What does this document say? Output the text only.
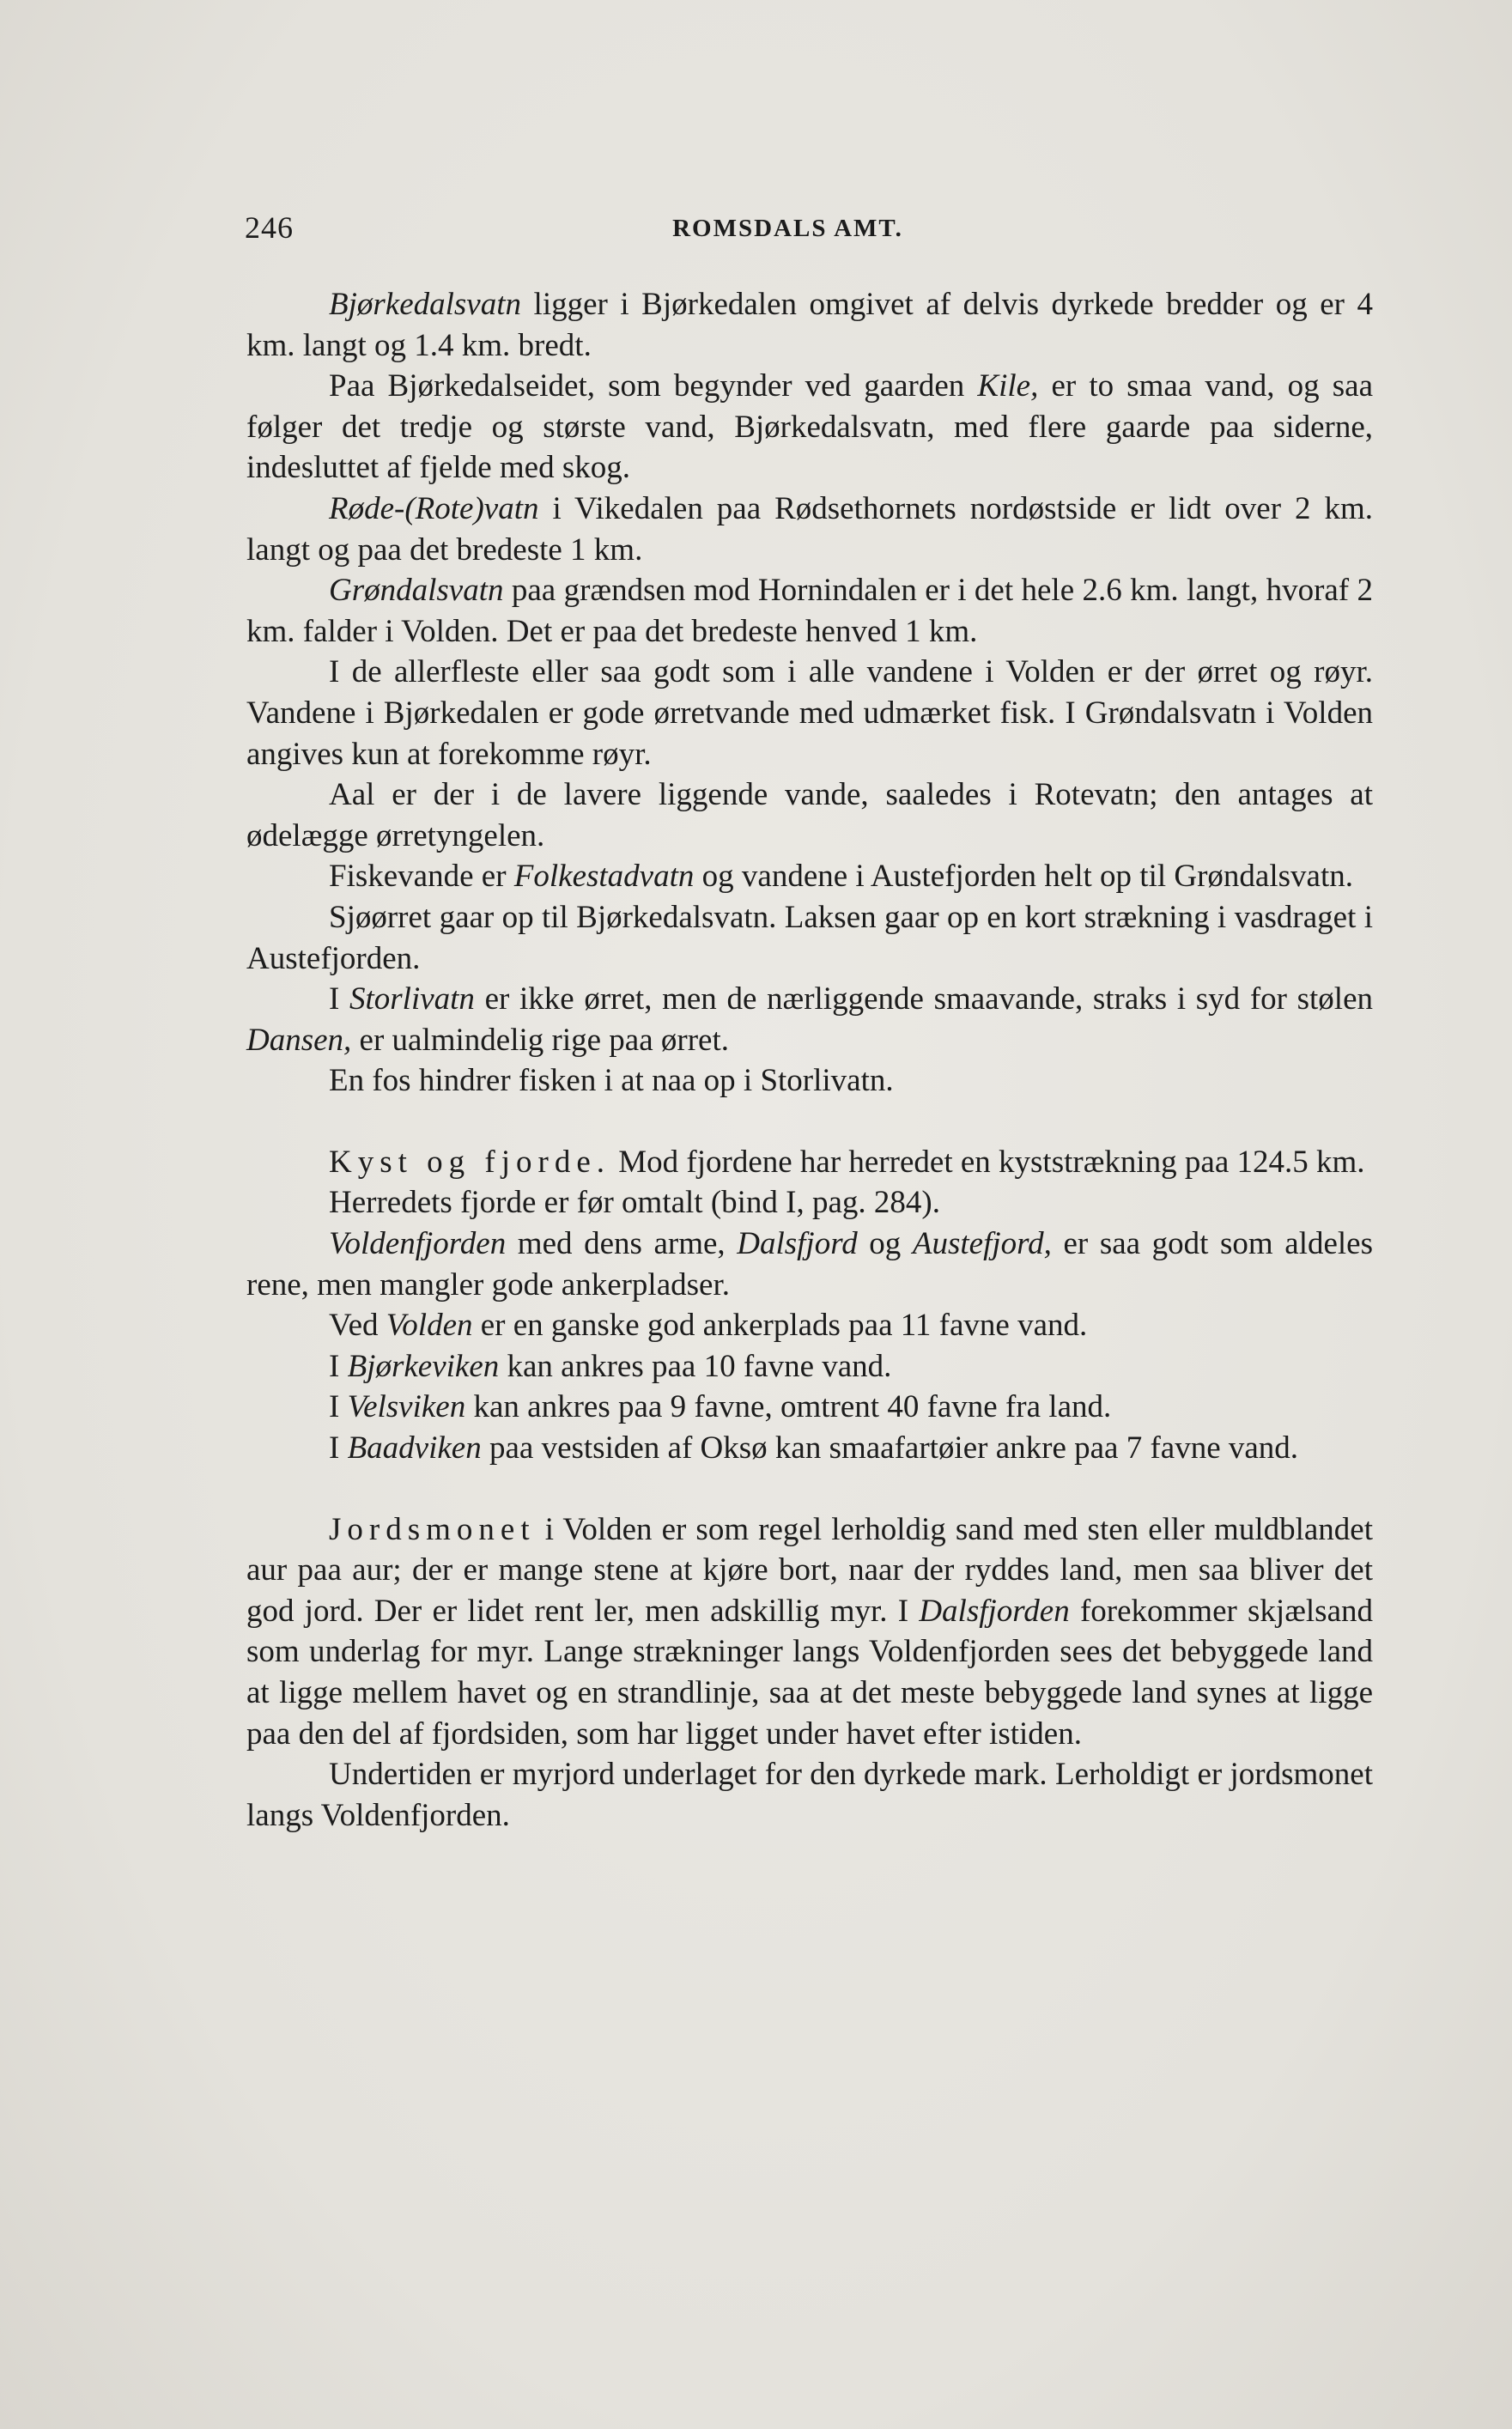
246	ROMSDALS AMT.

Bjørkedalsvatn ligger i Bjørkedalen omgivet af delvis dyrkede bredder og er 4 km. langt og 1.4 km. bredt.

Paa Bjørkedalseidet, som begynder ved gaarden Kile, er to smaa vand, og saa følger det tredje og største vand, Bjørkedalsvatn, med flere gaarde paa siderne, indesluttet af fjelde med skog.

Røde-(Rote)vatn i Vikedalen paa Rødsethornets nordøstside er lidt over 2 km. langt og paa det bredeste 1 km.

Grøndalsvatn paa grændsen mod Hornindalen er i det hele 2.6 km. langt, hvoraf 2 km. falder i Volden. Det er paa det bredeste henved 1 km.

I de allerfleste eller saa godt som i alle vandene i Volden er der ørret og røyr. Vandene i Bjørkedalen er gode ørretvande med udmærket fisk. I Grøndalsvatn i Volden angives kun at forekomme røyr.

Aal er der i de lavere liggende vande, saaledes i Rotevatn; den antages at ødelægge ørretyngelen.

Fiskevande er Folkestadvatn og vandene i Austefjorden helt op til Grøndalsvatn.

Sjøørret gaar op til Bjørkedalsvatn. Laksen gaar op en kort strækning i vasdraget i Austefjorden.

I Storlivatn er ikke ørret, men de nærliggende smaavande, straks i syd for stølen Dansen, er ualmindelig rige paa ørret.

En fos hindrer fisken i at naa op i Storlivatn.

Kyst og fjorde. Mod fjordene har herredet en kyststrækning paa 124.5 km.

Herredets fjorde er før omtalt (bind I, pag. 284).

Voldenfjorden med dens arme, Dalsfjord og Austefjord, er saa godt som aldeles rene, men mangler gode ankerpladser.

Ved Volden er en ganske god ankerplads paa 11 favne vand.

I Bjørkeviken kan ankres paa 10 favne vand.

I Velsviken kan ankres paa 9 favne, omtrent 40 favne fra land.

I Baadviken paa vestsiden af Oksø kan smaafartøier ankre paa 7 favne vand.

Jordsmonet i Volden er som regel lerholdig sand med sten eller muldblandet aur paa aur; der er mange stene at kjøre bort, naar der ryddes land, men saa bliver det god jord. Der er lidet rent ler, men adskillig myr. I Dalsfjorden forekommer skjælsand som underlag for myr. Lange strækninger langs Voldenfjorden sees det bebyggede land at ligge mellem havet og en strandlinje, saa at det meste bebyggede land synes at ligge paa den del af fjordsiden, som har ligget under havet efter istiden.

Undertiden er myrjord underlaget for den dyrkede mark. Lerholdigt er jordsmonet langs Voldenfjorden.
